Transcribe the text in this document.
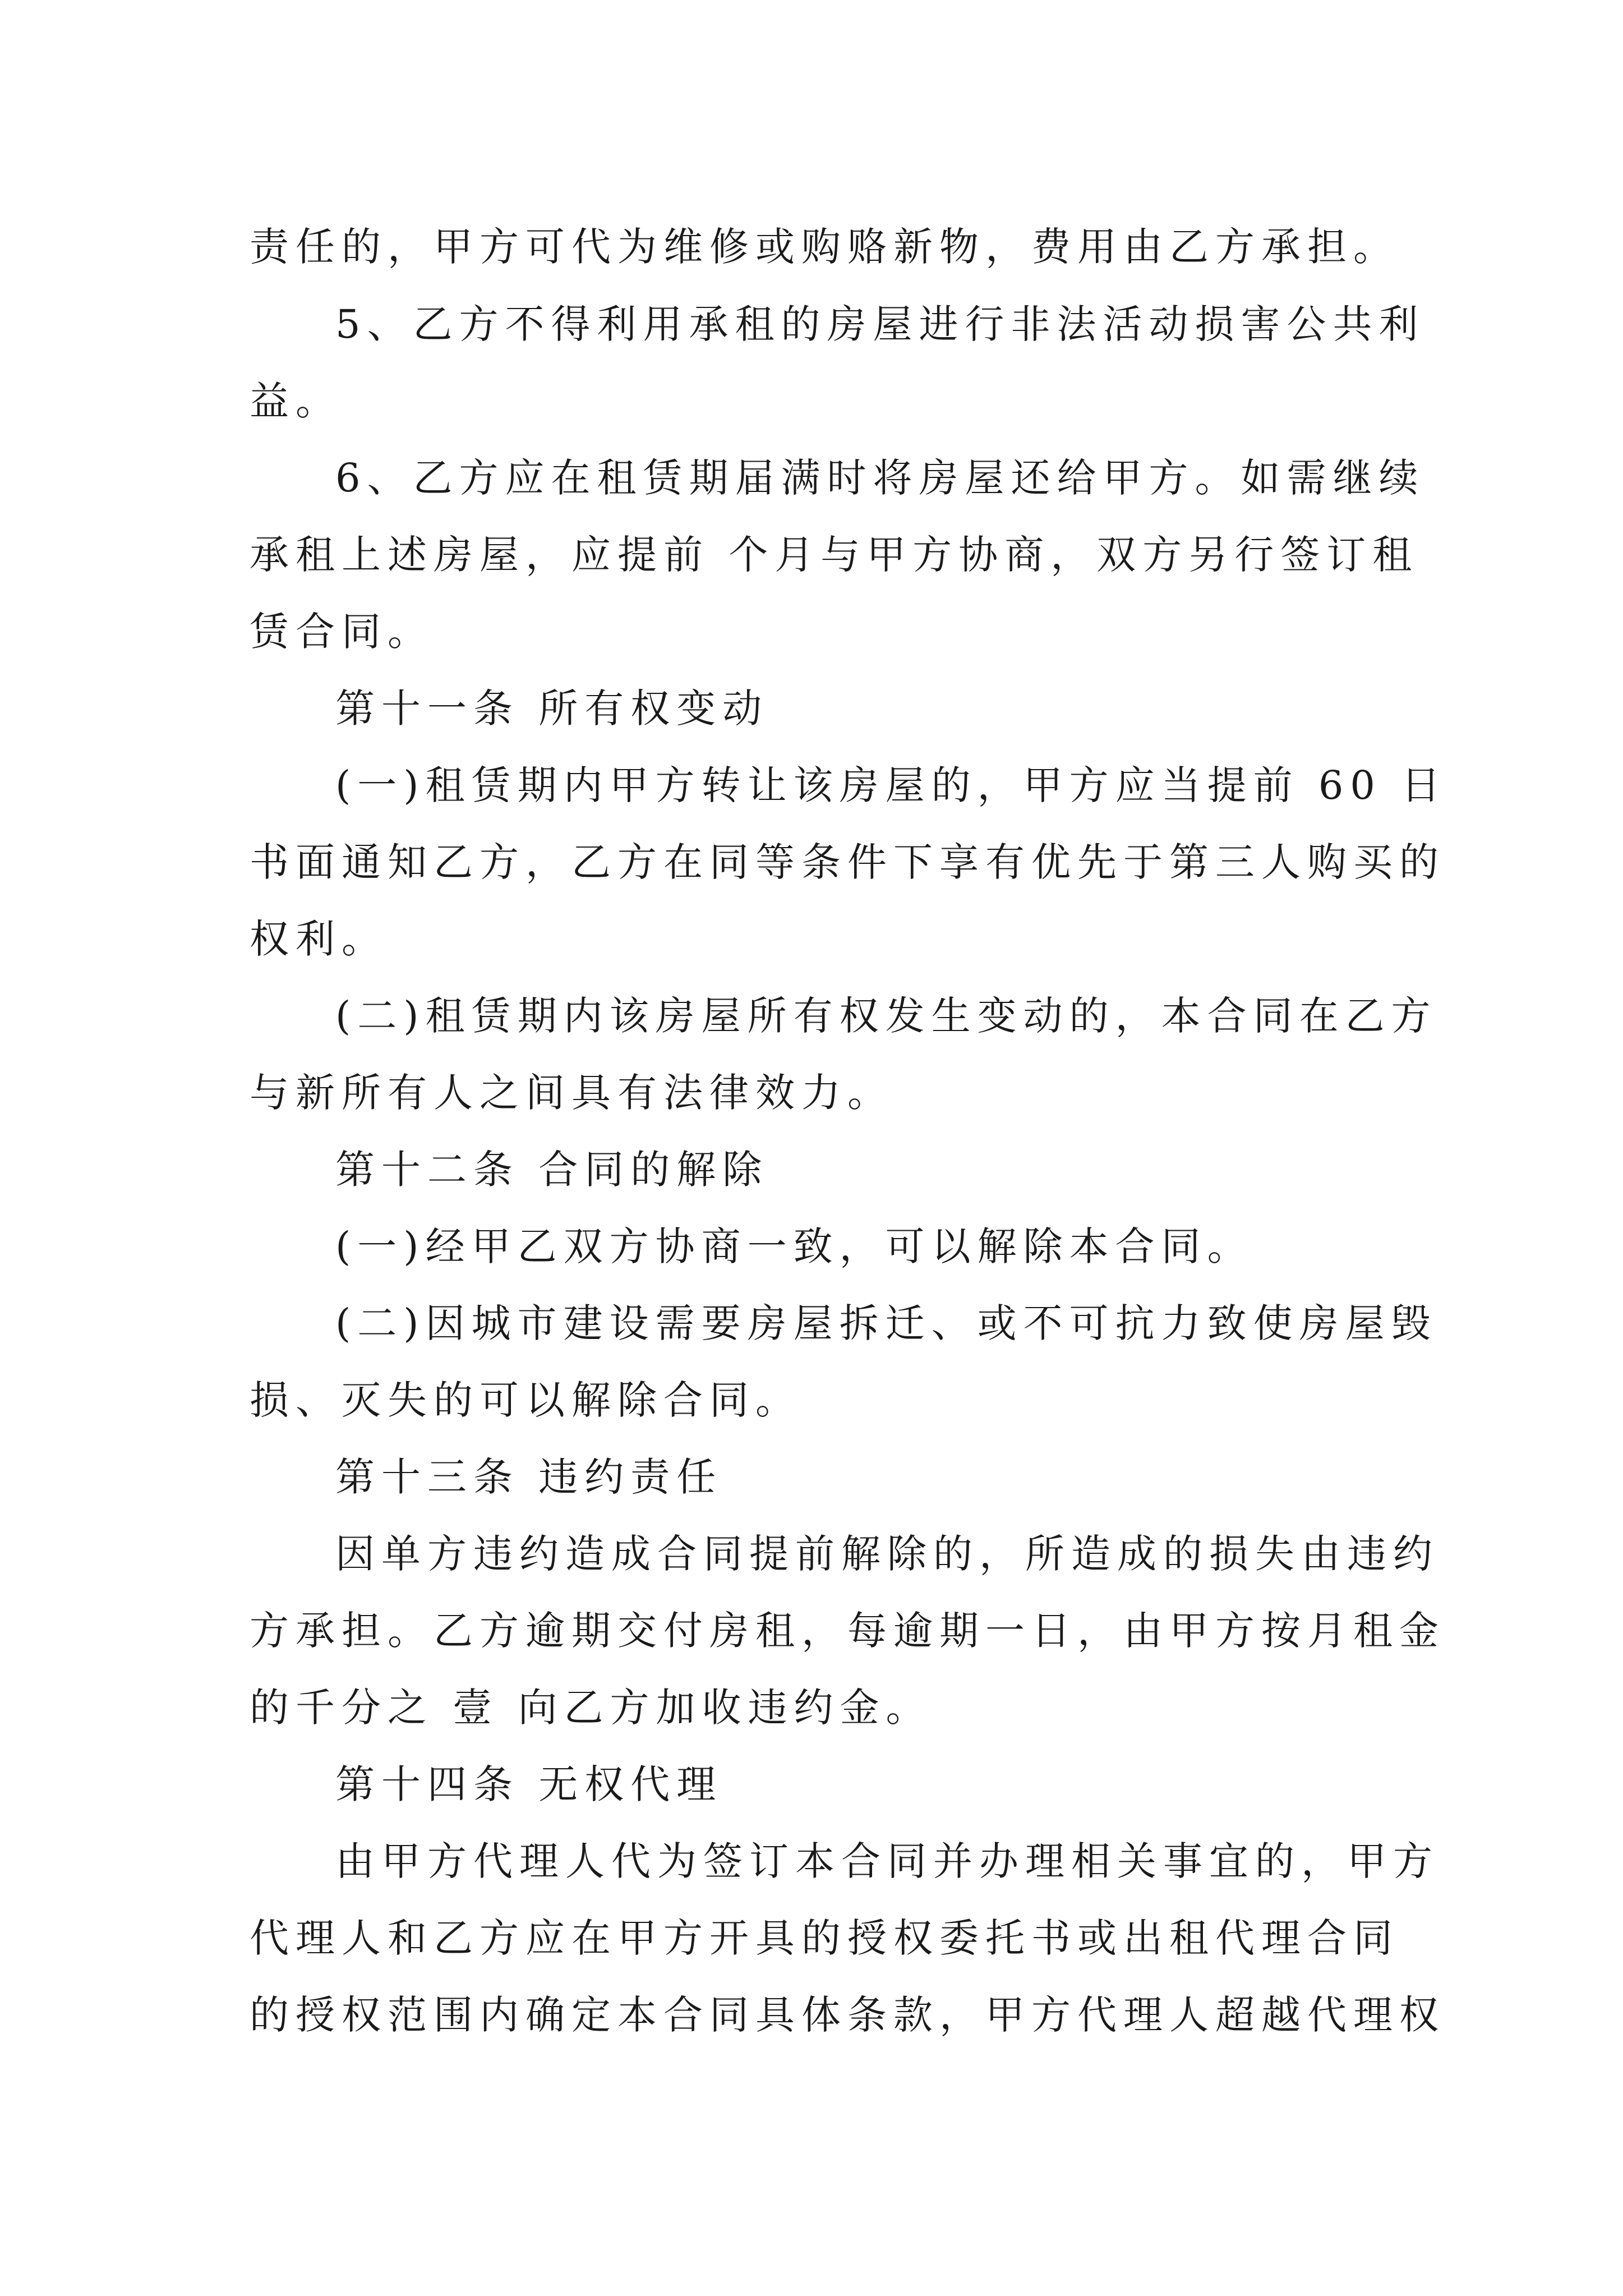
责任的，甲方可代为维修或购赂新物，费用由乙方承担。

5、乙方不得利用承租的房屋进行非法活动损害公共利

益。

6、乙方应在租赁期届满时将房屋还给甲方。如需继续

承租上述房屋，应提前 个月与甲方协商，双方另行签订租

赁合同。

第十一条 所有权变动

(一)租赁期内甲方转让该房屋的，甲方应当提前 60 日

书面通知乙方，乙方在同等条件下享有优先于第三人购买的

权利。

(二)租赁期内该房屋所有权发生变动的，本合同在乙方

与新所有人之间具有法律效力。

第十二条 合同的解除

(一)经甲乙双方协商一致，可以解除本合同。

(二)因城市建设需要房屋拆迁、或不可抗力致使房屋毁

损、灭失的可以解除合同。

第十三条 违约责任

因单方违约造成合同提前解除的，所造成的损失由违约

方承担。乙方逾期交付房租，每逾期一日，由甲方按月租金

的千分之 壹 向乙方加收违约金。

第十四条 无权代理

由甲方代理人代为签订本合同并办理相关事宜的，甲方

代理人和乙方应在甲方开具的授权委托书或出租代理合同

的授权范围内确定本合同具体条款，甲方代理人超越代理权
